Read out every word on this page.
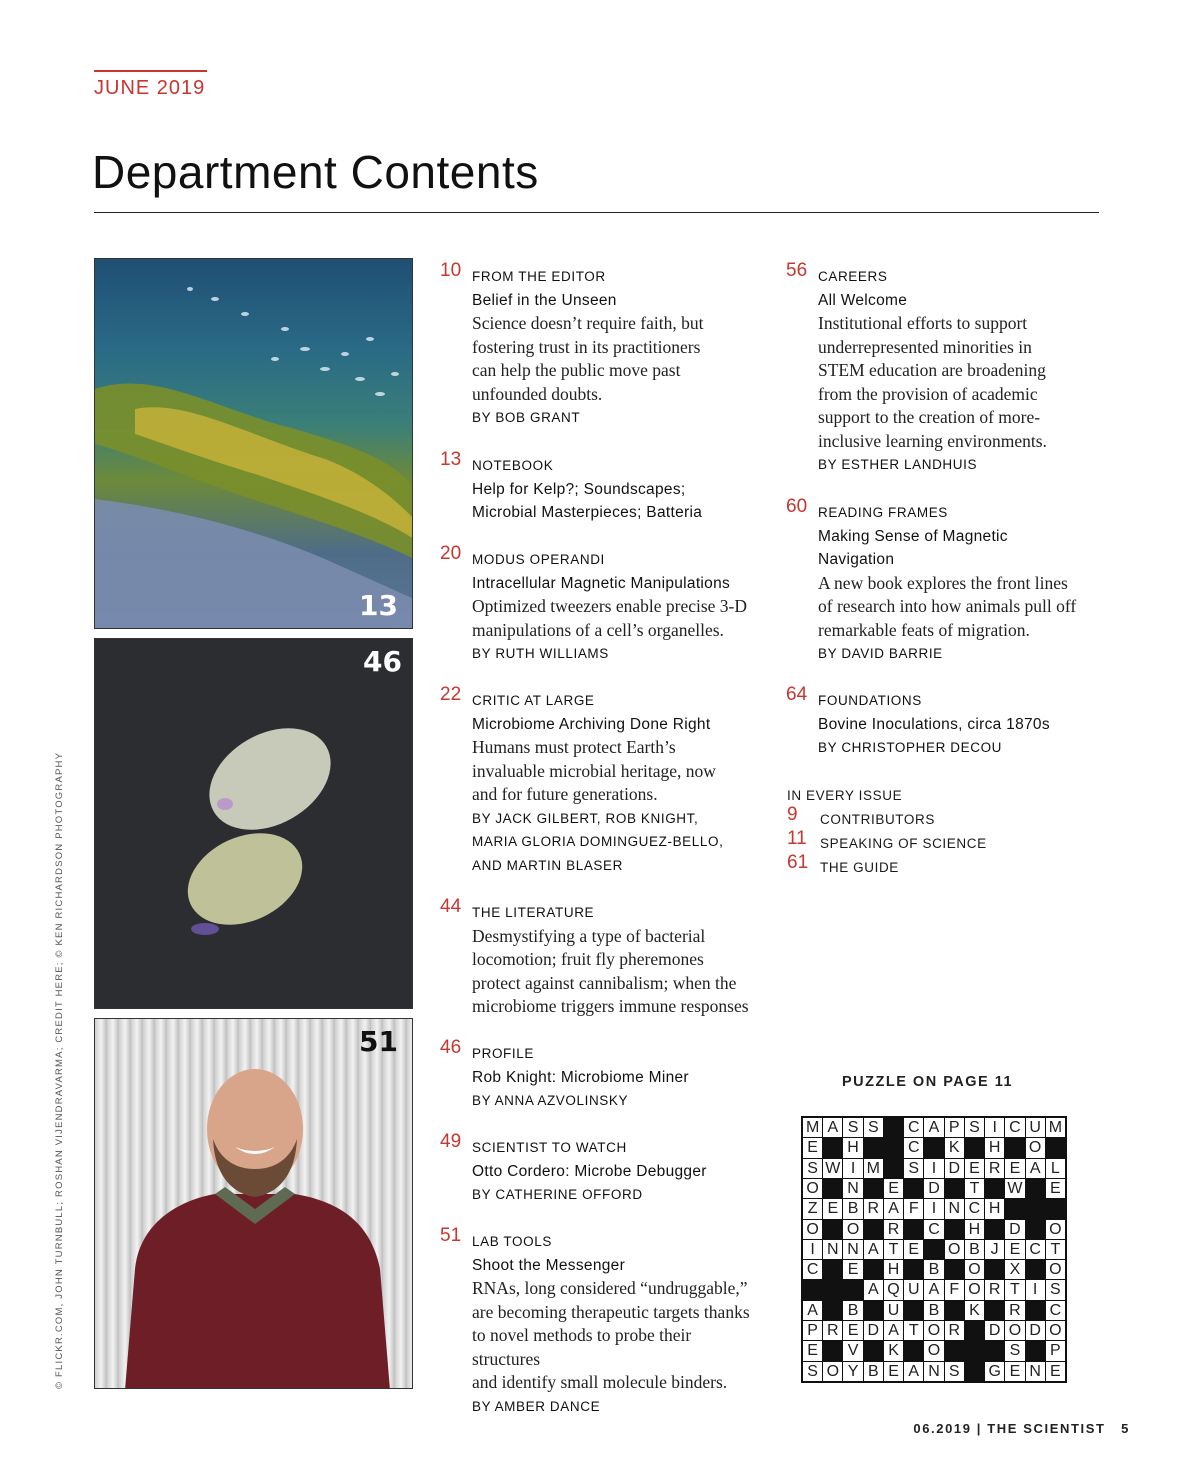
JUNE 2019
Department Contents
13
46
51
© FLICKR.COM, JOHN TURNBULL; ROSHAN VIJENDRAVARMA; CREDIT HERE; © KEN RICHARDSON PHOTOGRAPHY
10 FROM THE EDITOR
Belief in the Unseen
Science doesn’t require faith, but
fostering trust in its practitioners
can help the public move past
unfounded doubts.
BY BOB GRANT
13 NOTEBOOK
Help for Kelp?; Soundscapes;
Microbial Masterpieces; Batteria
20 MODUS OPERANDI
Intracellular Magnetic Manipulations
Optimized tweezers enable precise 3-D
manipulations of a cell’s organelles.
BY RUTH WILLIAMS
22 CRITIC AT LARGE
Microbiome Archiving Done Right
Humans must protect Earth’s
invaluable microbial heritage, now
and for future generations.
BY JACK GILBERT, ROB KNIGHT,
MARIA GLORIA DOMINGUEZ-BELLO,
AND MARTIN BLASER
44 THE LITERATURE
Desmystifying a type of bacterial
locomotion; fruit fly pheremones
protect against cannibalism; when the
microbiome triggers immune responses
46 PROFILE
Rob Knight: Microbiome Miner
BY ANNA AZVOLINSKY
49 SCIENTIST TO WATCH
Otto Cordero: Microbe Debugger
BY CATHERINE OFFORD
51 LAB TOOLS
Shoot the Messenger
RNAs, long considered “undruggable,”
are becoming therapeutic targets thanks
to novel methods to probe their structures
and identify small molecule binders.
BY AMBER DANCE
56 CAREERS
All Welcome
Institutional efforts to support
underrepresented minorities in
STEM education are broadening
from the provision of academic
support to the creation of more-
inclusive learning environments.
BY ESTHER LANDHUIS
60 READING FRAMES
Making Sense of Magnetic
Navigation
A new book explores the front lines
of research into how animals pull off
remarkable feats of migration.
BY DAVID BARRIE
64 FOUNDATIONS
Bovine Inoculations, circa 1870s
BY CHRISTOPHER DECOU
IN EVERY ISSUE
9 CONTRIBUTORS
11 SPEAKING OF SCIENCE
61 THE GUIDE
PUZZLE ON PAGE 11
M A S S C A P S I C U M
E H	C K H O
S W I M S I D E R E A L
O N E D T W E
Z E B R A F I N C H
O O R C H D O
I N N A T E O B J E C T
C E H B O X O
A Q U A F O R T I S
A B U B K R C
P R E D A T O R D O D O
E V K O	S P
S O Y B E A N S G E N E
06.2019 | THE SCIENTIST   5
